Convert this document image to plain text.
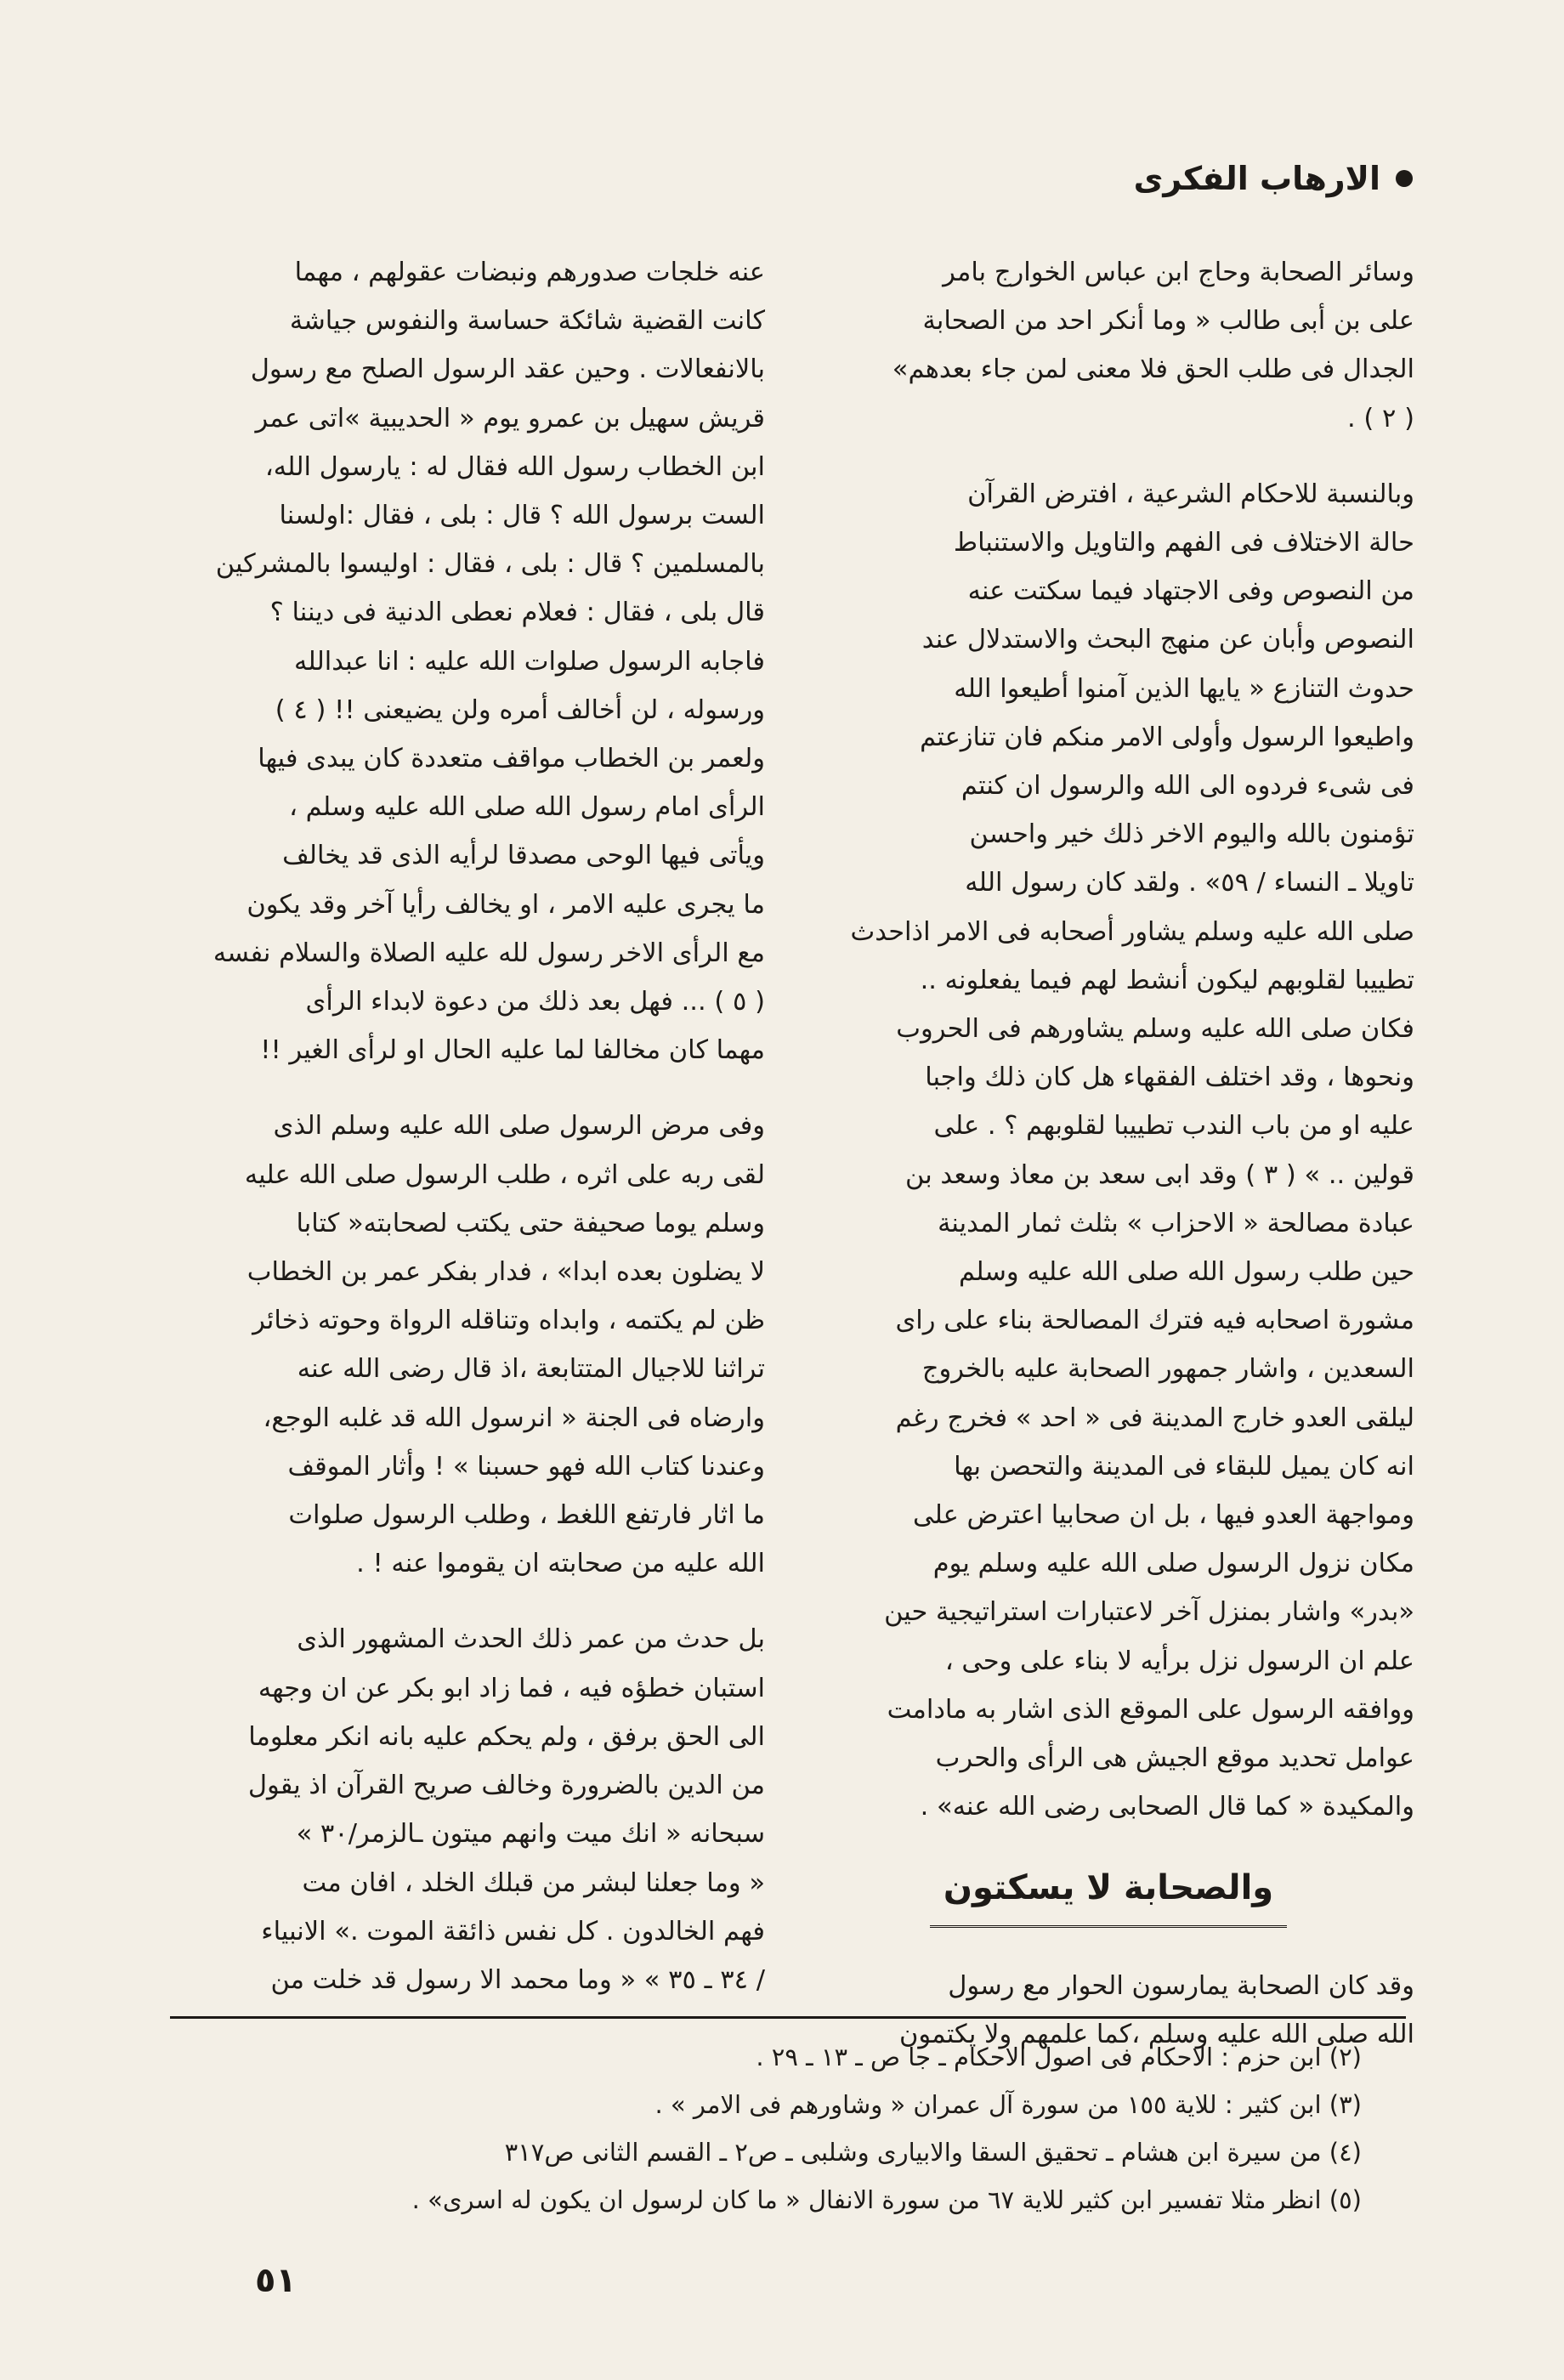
الارهاب الفكرى

وسائر الصحابة وحاج ابن عباس الخوارج بامر

على بن أبى طالب « وما أنكر احد من الصحابة

الجدال فى طلب الحق فلا معنى لمن جاء بعدهم»

( ٢ ) .

وبالنسبة للاحكام الشرعية ، افترض القرآن

حالة الاختلاف فى الفهم والتاويل والاستنباط

من النصوص وفى الاجتهاد فيما سكتت عنه

النصوص وأبان عن منهج البحث والاستدلال عند

حدوث التنازع « يايها الذين آمنوا أطيعوا الله

واطيعوا الرسول وأولى الامر منكم فان تنازعتم

فى شىء فردوه الى الله والرسول ان كنتم

تؤمنون بالله واليوم الاخر ذلك خير واحسن

تاويلا ـ النساء / ٥٩» . ولقد كان رسول الله

صلى الله عليه وسلم يشاور أصحابه فى الامر اذاحدث

تطييبا لقلوبهم ليكون أنشط لهم فيما يفعلونه ..

فكان صلى الله عليه وسلم يشاورهم فى الحروب

ونحوها ، وقد اختلف الفقهاء هل كان ذلك واجبا

عليه او من باب الندب تطييبا لقلوبهم ؟ . على

قولين .. » ( ٣ ) وقد ابى سعد بن معاذ وسعد بن

عبادة مصالحة « الاحزاب » بثلث ثمار المدينة

حين طلب رسول الله صلى الله عليه وسلم

مشورة اصحابه فيه فترك المصالحة بناء على راى

السعدين ، واشار جمهور الصحابة عليه بالخروج

ليلقى العدو خارج المدينة فى « احد » فخرج رغم

انه كان يميل للبقاء فى المدينة والتحصن بها

ومواجهة العدو فيها ، بل ان صحابيا اعترض على

مكان نزول الرسول صلى الله عليه وسلم يوم

«بدر» واشار بمنزل آخر لاعتبارات استراتيجية حين

علم ان الرسول نزل برأيه لا بناء على وحى ،

ووافقه الرسول على الموقع الذى اشار به مادامت

عوامل تحديد موقع الجيش هى الرأى والحرب

والمكيدة « كما قال الصحابى رضى الله عنه» .

والصحابة لا يسكتون

وقد كان الصحابة يمارسون الحوار مع رسول

الله صلى الله عليه وسلم ،كما علمهم ولا يكتمون

عنه خلجات صدورهم ونبضات عقولهم ، مهما

كانت القضية شائكة حساسة والنفوس جياشة

بالانفعالات . وحين عقد الرسول الصلح مع رسول

قريش سهيل بن عمرو يوم « الحديبية »اتى عمر

ابن الخطاب رسول الله فقال له : يارسول الله،

الست برسول الله ؟ قال : بلى ، فقال :اولسنا

بالمسلمين ؟ قال : بلى ، فقال : اوليسوا بالمشركين

قال بلى ، فقال : فعلام نعطى الدنية فى ديننا ؟

فاجابه الرسول صلوات الله عليه : انا عبدالله

ورسوله ، لن أخالف أمره ولن يضيعنى !! ( ٤ )

ولعمر بن الخطاب مواقف متعددة كان يبدى فيها

الرأى امام رسول الله صلى الله عليه وسلم ،

ويأتى فيها الوحى مصدقا لرأيه الذى قد يخالف

ما يجرى عليه الامر ، او يخالف رأيا آخر وقد يكون

مع الرأى الاخر رسول لله عليه الصلاة والسلام نفسه

( ٥ ) ... فهل بعد ذلك من دعوة لابداء الرأى

مهما كان مخالفا لما عليه الحال او لرأى الغير !!

وفى مرض الرسول صلى الله عليه وسلم الذى

لقى ربه على اثره ، طلب الرسول صلى الله عليه

وسلم يوما صحيفة حتى يكتب لصحابته« كتابا

لا يضلون بعده ابدا» ، فدار بفكر عمر بن الخطاب

ظن لم يكتمه ، وابداه وتناقله الرواة وحوته ذخائر

تراثنا للاجيال المتتابعة ،اذ قال رضى الله عنه

وارضاه فى الجنة « انرسول الله قد غلبه الوجع،

وعندنا كتاب الله فهو حسبنا » ! وأثار الموقف

ما اثار فارتفع اللغط ، وطلب الرسول صلوات

الله عليه من صحابته ان يقوموا عنه ! .

بل حدث من عمر ذلك الحدث المشهور الذى

استبان خطؤه فيه ، فما زاد ابو بكر عن ان وجهه

الى الحق برفق ، ولم يحكم عليه بانه انكر معلوما

من الدين بالضرورة وخالف صريح القرآن اذ يقول

سبحانه « انك ميت وانهم ميتون ـالزمر/٣٠ »

« وما جعلنا لبشر من قبلك الخلد ، افان مت

فهم الخالدون . كل نفس ذائقة الموت .» الانبياء

/ ٣٤ ـ ٣٥ » « وما محمد الا رسول قد خلت من

(٢) ابن حزم : الاحكام فى اصول الاحكام ـ جا ص ـ ١٣ ـ ٢٩ .
(٣) ابن كثير : للاية ١٥٥ من سورة آل عمران « وشاورهم فى الامر » .
(٤) من سيرة ابن هشام ـ تحقيق السقا والابيارى وشلبى ـ ص٢ ـ القسم الثانى ص٣١٧
(٥) انظر مثلا تفسير ابن كثير للاية ٦٧ من سورة الانفال « ما كان لرسول ان يكون له اسرى» .
٥١
